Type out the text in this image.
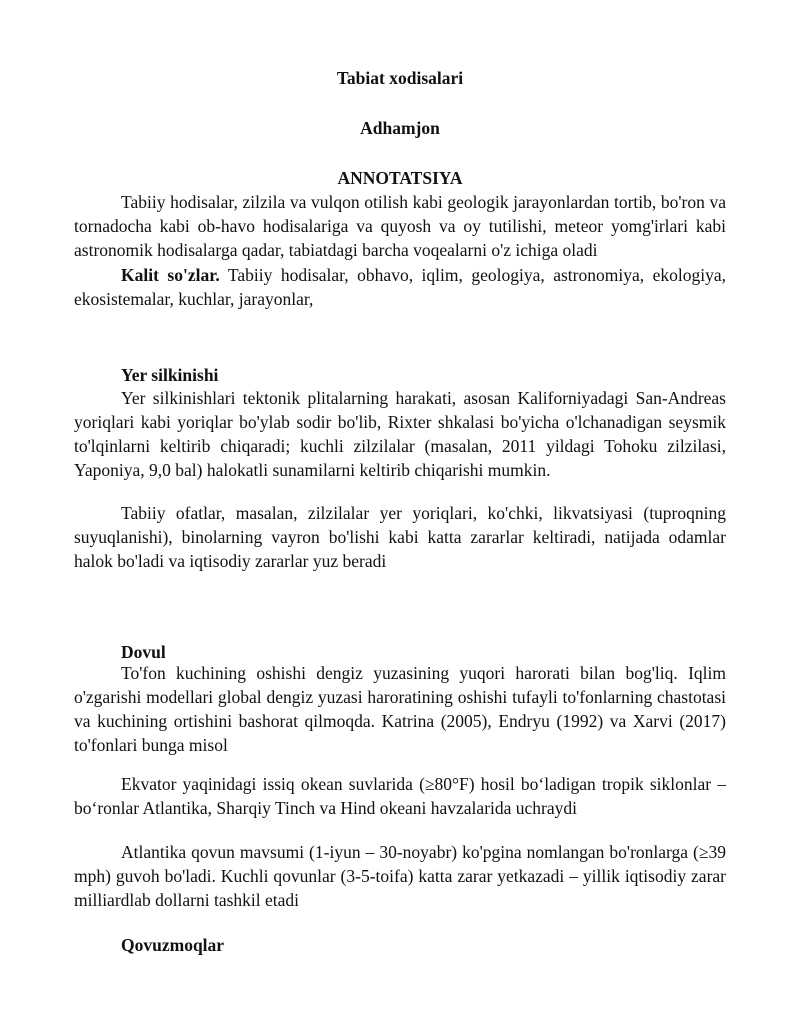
Tabiat xodisalari
Adhamjon
ANNOTATSIYA

Tabiiy hodisalar, zilzila va vulqon otilish kabi geologik jarayonlardan tortib, bo'ron va tornadocha kabi ob-havo hodisalariga va quyosh va oy tutilishi, meteor yomg'irlari kabi astronomik hodisalarga qadar, tabiatdagi barcha voqealarni o'z ichiga oladi

Kalit so'zlar. Tabiiy hodisalar, obhavo, iqlim, geologiya, astronomiya, ekologiya, ekosistemalar, kuchlar, jarayonlar,

Yer silkinishi

Yer silkinishlari tektonik plitalarning harakati, asosan Kaliforniyadagi San-Andreas yoriqlari kabi yoriqlar bo'ylab sodir bo'lib, Rixter shkalasi bo'yicha o'lchanadigan seysmik to'lqinlarni keltirib chiqaradi; kuchli zilzilalar (masalan, 2011 yildagi Tohoku zilzilasi, Yaponiya, 9,0 bal) halokatli sunamilarni keltirib chiqarishi mumkin.

Tabiiy ofatlar, masalan, zilzilalar yer yoriqlari, ko'chki, likvatsiyasi (tuproqning suyuqlanishi), binolarning vayron bo'lishi kabi katta zararlar keltiradi, natijada odamlar halok bo'ladi va iqtisodiy zararlar yuz beradi

Dovul

To'fon kuchining oshishi dengiz yuzasining yuqori harorati bilan bog'liq. Iqlim o'zgarishi modellari global dengiz yuzasi haroratining oshishi tufayli to'fonlarning chastotasi va kuchining ortishini bashorat qilmoqda. Katrina (2005), Endryu (1992) va Xarvi (2017) to'fonlari bunga misol

Ekvator yaqinidagi issiq okean suvlarida (≥80°F) hosil boʻladigan tropik siklonlar – boʻronlar Atlantika, Sharqiy Tinch va Hind okeani havzalarida uchraydi

Atlantika qovun mavsumi (1-iyun – 30-noyabr) ko'pgina nomlangan bo'ronlarga (≥39 mph) guvoh bo'ladi. Kuchli qovunlar (3-5-toifa) katta zarar yetkazadi – yillik iqtisodiy zarar milliardlab dollarni tashkil etadi

Qovuzmoqlar
